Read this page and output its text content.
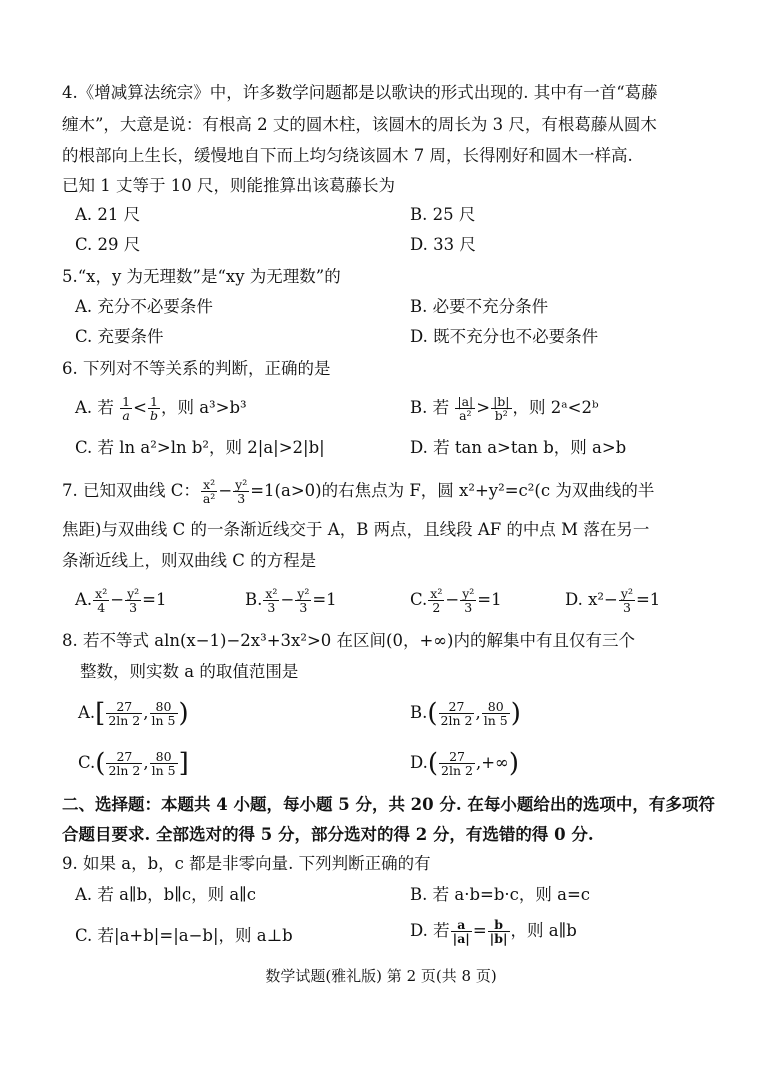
4.《增减算法统宗》中，许多数学问题都是以歌诀的形式出现的. 其中有一首“葛藤
缠木”，大意是说：有根高 2 丈的圆木柱，该圆木的周长为 3 尺，有根葛藤从圆木
的根部向上生长，缓慢地自下而上均匀绕该圆木 7 周，长得刚好和圆木一样高.
已知 1 丈等于 10 尺，则能推算出该葛藤长为
A. 21 尺	B. 25 尺
C. 29 尺	D. 33 尺
5.“x，y 为无理数”是“xy 为无理数”的
A. 充分不必要条件	B. 必要不充分条件
C. 充要条件	D. 既不充分也不必要条件
6. 下列对不等关系的判断，正确的是
A. 若 $\frac{1}{a} < \frac{1}{b}$ ，则 a³>b³	B. 若 $\frac{|a|}{\text{a²}} > \frac{|b|}{\text{b²}}$ ，则 2ᵃ<2ᵇ
C. 若 ln a²>ln b²，则 2|a|>2|b|	D. 若 tan a>tan b，则 a>b
7. 已知双曲线 C： $\frac{\text{x²}}{\text{a²}} - \frac{\text{y²}}{3} =1(a>0)$的右焦点为 F，圆 x²+y²=c²(c 为双曲线的半
焦距)与双曲线 C 的一条渐近线交于 A，B 两点，且线段 AF 的中点 M 落在另一
条渐近线上，则双曲线 C 的方程是
A. $\frac{\text{x²}}{4} - \frac{\text{y²}}{3} =1$	B. $\frac{\text{x²}}{3} - \frac{\text{y²}}{3} =1$	C. $\frac{\text{x²}}{2} - \frac{\text{y²}}{3} =1$	D. $x^2- \frac{\text{y²}}{3} =1$
8. 若不等式 aln(x−1)−2x³+3x²>0 在区间(0，+∞)内的解集中有且仅有三个
整数，则实数 a 的取值范围是
$A.[ \frac{27}{2\ln 2}$ , $\frac{80}{\ln 5}$ )	$B.( \frac{27}{2\ln 2}$ , $\frac{80}{\ln 5}$ )
$C.( \frac{27}{2\ln 2}$ , $\frac{80}{\ln 5}$ ]	$D.( \frac{27}{2\ln 2}$ ,+∞)
二、选择题：本题共 4 小题，每小题 5 分，共 20 分. 在每小题给出的选项中，有多项符
合题目要求. 全部选对的得 5 分，部分选对的得 2 分，有选错的得 0 分.
9. 如果 a，b，c 都是非零向量. 下列判断正确的有
A. 若 a∥b，b∥c，则 a∥c	B. 若 a·b=b·c，则 a=c
C. 若|a+b|=|a−b|，则 a⊥b	D. 若 $\frac{a}{|a|} = \frac{b}{|b|}$ ，则 a∥b
数学试题(雅礼版) 第 2 页(共 8 页)
